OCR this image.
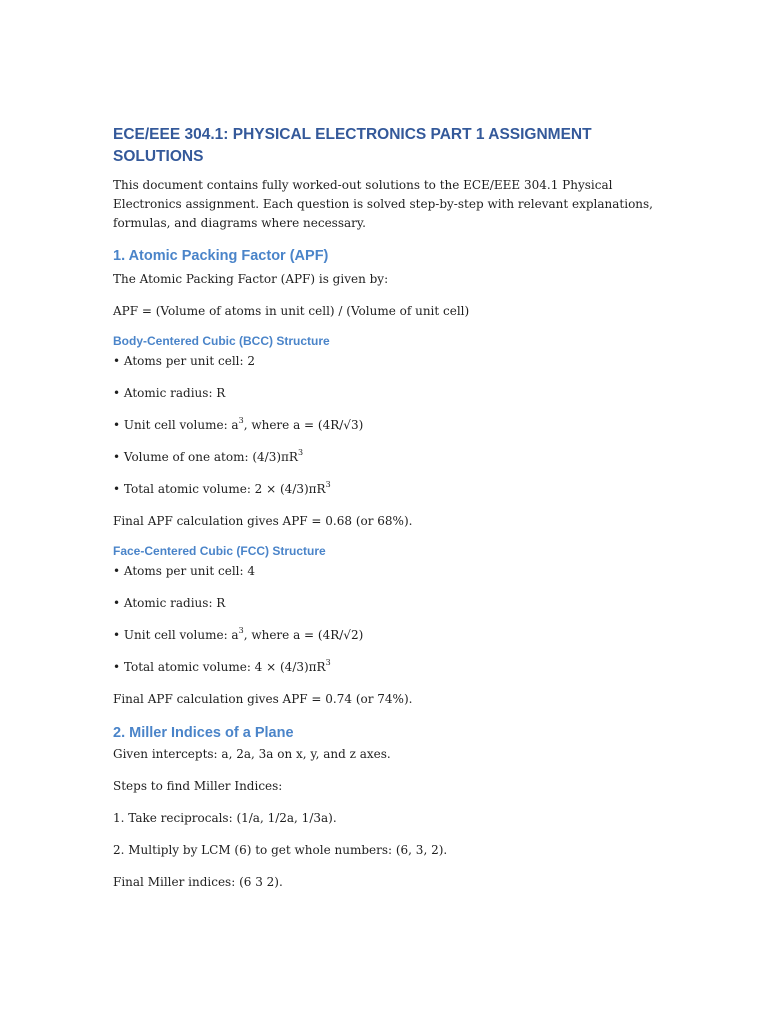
ECE/EEE 304.1: PHYSICAL ELECTRONICS PART 1 ASSIGNMENT SOLUTIONS
This document contains fully worked-out solutions to the ECE/EEE 304.1 Physical
Electronics assignment. Each question is solved step-by-step with relevant explanations,
formulas, and diagrams where necessary.
1. Atomic Packing Factor (APF)
The Atomic Packing Factor (APF) is given by:
APF = (Volume of atoms in unit cell) / (Volume of unit cell)
Body-Centered Cubic (BCC) Structure
• Atoms per unit cell: 2
• Atomic radius: R
• Unit cell volume: $a^3$, where a = (4R/√3)
• Volume of one atom: $(4/3)\pi R^3$
• Total atomic volume: $2 \times (4/3)\pi R^3$
Final APF calculation gives APF = 0.68 (or 68%).
Face-Centered Cubic (FCC) Structure
• Atoms per unit cell: 4
• Atomic radius: R
• Unit cell volume: $a^3$, where a = (4R/√2)
• Total atomic volume: $4 \times (4/3)\pi R^3$
Final APF calculation gives APF = 0.74 (or 74%).
2. Miller Indices of a Plane
Given intercepts: a, 2a, 3a on x, y, and z axes.
Steps to find Miller Indices:
1. Take reciprocals: (1/a, 1/2a, 1/3a).
2. Multiply by LCM (6) to get whole numbers: (6, 3, 2).
Final Miller indices: (6 3 2).
